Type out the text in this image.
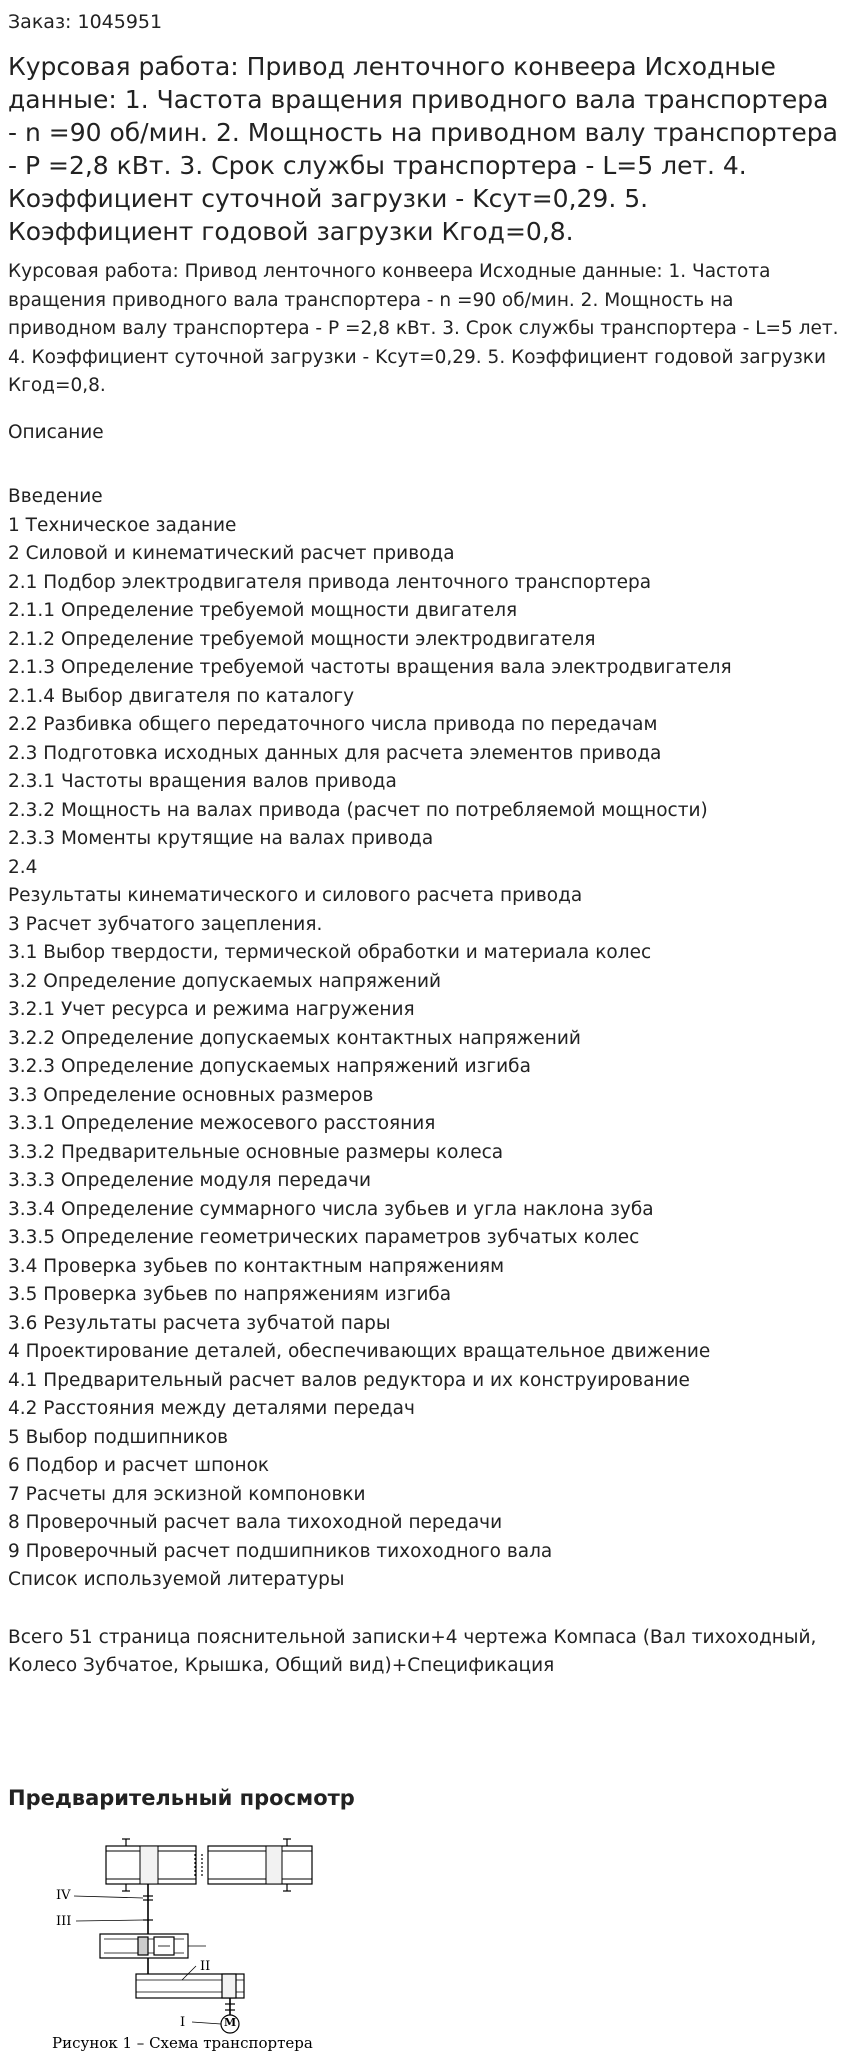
Заказ: 1045951
Курсовая работа: Привод ленточного конвеера Исходные данные: 1. Частота вращения приводного вала транспортера - n =90 об/мин. 2. Мощность на приводном валу транспортера - P =2,8 кВт. 3. Срок службы транспортера - L=5 лет. 4. Коэффициент суточной загрузки - Kсут=0,29. 5. Коэффициент годовой загрузки Кгод=0,8.
Курсовая работа: Привод ленточного конвеера Исходные данные: 1. Частота вращения приводного вала транспортера - n =90 об/мин. 2. Мощность на приводном валу транспортера - P =2,8 кВт. 3. Срок службы транспортера - L=5 лет. 4. Коэффициент суточной загрузки - Kсут=0,29. 5. Коэффициент годовой загрузки Кгод=0,8.
Описание
Введение
1 Техническое задание
2 Силовой и кинематический расчет привода
2.1 Подбор электродвигателя привода ленточного транспортера
2.1.1 Определение требуемой мощности двигателя
2.1.2 Определение требуемой мощности электродвигателя
2.1.3 Определение требуемой частоты вращения вала электродвигателя
2.1.4 Выбор двигателя по каталогу
2.2 Разбивка общего передаточного числа привода по передачам
2.3 Подготовка исходных данных для расчета элементов привода
2.3.1 Частоты вращения валов привода
2.3.2 Мощность на валах привода (расчет по потребляемой мощности)
2.3.3 Моменты крутящие на валах привода
2.4
Результаты кинематического и силового расчета привода
3 Расчет зубчатого зацепления.
3.1 Выбор твердости, термической обработки и материала колес
3.2 Определение допускаемых напряжений
3.2.1 Учет ресурса и режима нагружения
3.2.2 Определение допускаемых контактных напряжений
3.2.3 Определение допускаемых напряжений изгиба
3.3 Определение основных размеров
3.3.1 Определение межосевого расстояния
3.3.2 Предварительные основные размеры колеса
3.3.3 Определение модуля передачи
3.3.4 Определение суммарного числа зубьев и угла наклона зуба
3.3.5 Определение геометрических параметров зубчатых колес
3.4 Проверка зубьев по контактным напряжениям
3.5 Проверка зубьев по напряжениям изгиба
3.6 Результаты расчета зубчатой пары
4 Проектирование деталей, обеспечивающих вращательное движение
4.1 Предварительный расчет валов редуктора и их конструирование
4.2 Расстояния между деталями передач
5 Выбор подшипников
6 Подбор и расчет шпонок
7 Расчеты для эскизной компоновки
8 Проверочный расчет вала тихоходной передачи
9 Проверочный расчет подшипников тихоходного вала
Список используемой литературы
Всего 51 страница пояснительной записки+4 чертежа Компаса (Вал тихоходный, Колесо Зубчатое, Крышка, Общий вид)+Спецификация
Предварительный просмотр
IV
III
II
I	М
Рисунок 1 – Схема транспортера
